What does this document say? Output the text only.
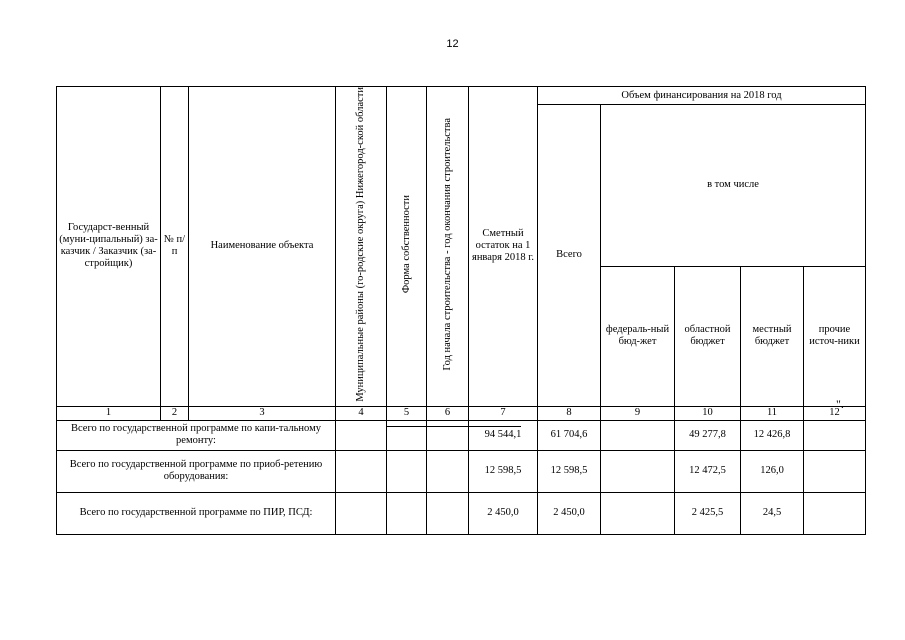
12
Государст-венный (муни-ципальный) за-казчик / Заказчик (за-стройщик)	№ п/п	Наименование объекта	Муниципальные районы (го-родские округа) Нижегород-ской области	Форма собственности	Год начала строительства - год окончания строительства	Сметный остаток на 1 января 2018 г.	Объем финансирования на 2018 год				
							Всего	в том числе			
								федераль-ный бюд-жет	областной бюджет	местный бюджет	прочие источ-ники
1	2	3	4	5	6	7	8	9	10	11	12
Всего по государственной программе по капи-тальному ремонту:						94 544,1	61 704,6		49 277,8	12 426,8	
Всего по государственной программе по приоб-ретению оборудования:						12 598,5	12 598,5		12 472,5	126,0	
Всего по государственной программе по ПИР, ПСД:						2 450,0	2 450,0		2 425,5	24,5	
".
